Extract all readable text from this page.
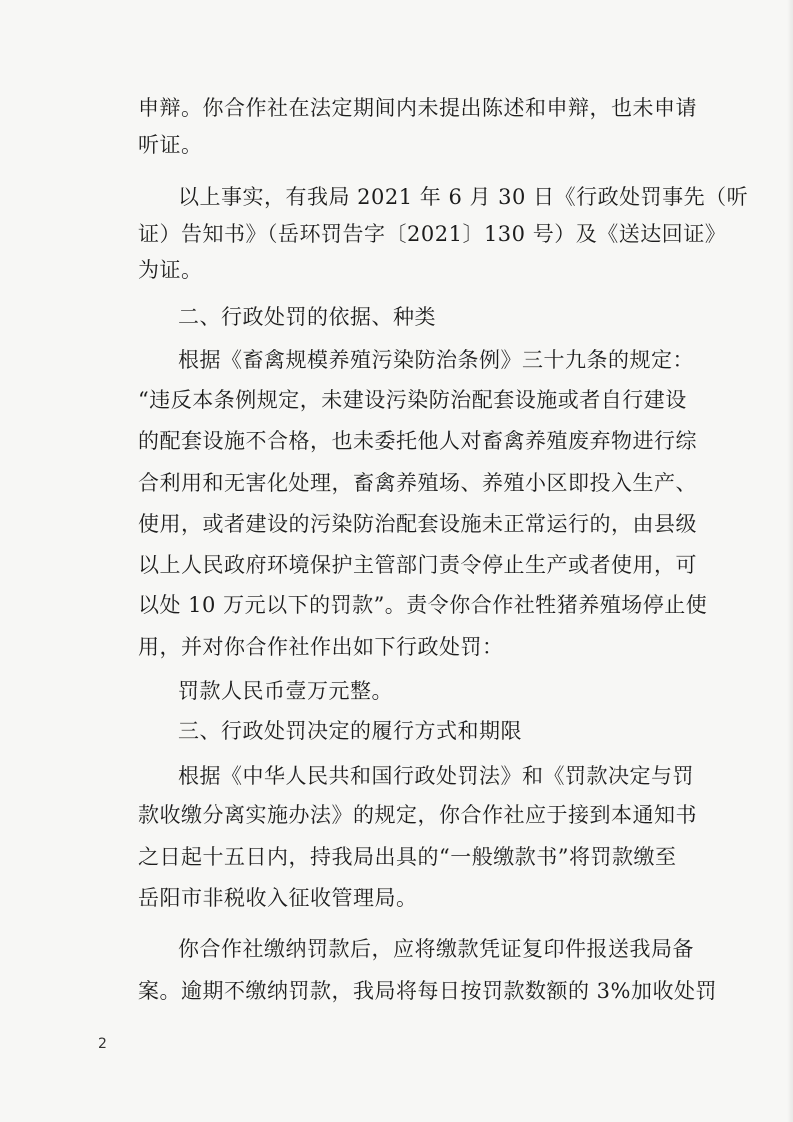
申辩。你合作社在法定期间内未提出陈述和申辩，也未申请
听证。
以上事实，有我局 2021 年 6 月 30 日《行政处罚事先（听
证）告知书》（岳环罚告字〔2021〕130 号）及《送达回证》
为证。
二、行政处罚的依据、种类
根据《畜禽规模养殖污染防治条例》三十九条的规定：
“违反本条例规定，未建设污染防治配套设施或者自行建设
的配套设施不合格，也未委托他人对畜禽养殖废弃物进行综
合利用和无害化处理，畜禽养殖场、养殖小区即投入生产、
使用，或者建设的污染防治配套设施未正常运行的，由县级
以上人民政府环境保护主管部门责令停止生产或者使用，可
以处 10 万元以下的罚款”。责令你合作社牲猪养殖场停止使
用，并对你合作社作出如下行政处罚：
罚款人民币壹万元整。
三、行政处罚决定的履行方式和期限
根据《中华人民共和国行政处罚法》和《罚款决定与罚
款收缴分离实施办法》的规定，你合作社应于接到本通知书
之日起十五日内，持我局出具的“一般缴款书”将罚款缴至
岳阳市非税收入征收管理局。
你合作社缴纳罚款后，应将缴款凭证复印件报送我局备
案。逾期不缴纳罚款，我局将每日按罚款数额的 3%加收处罚
2
